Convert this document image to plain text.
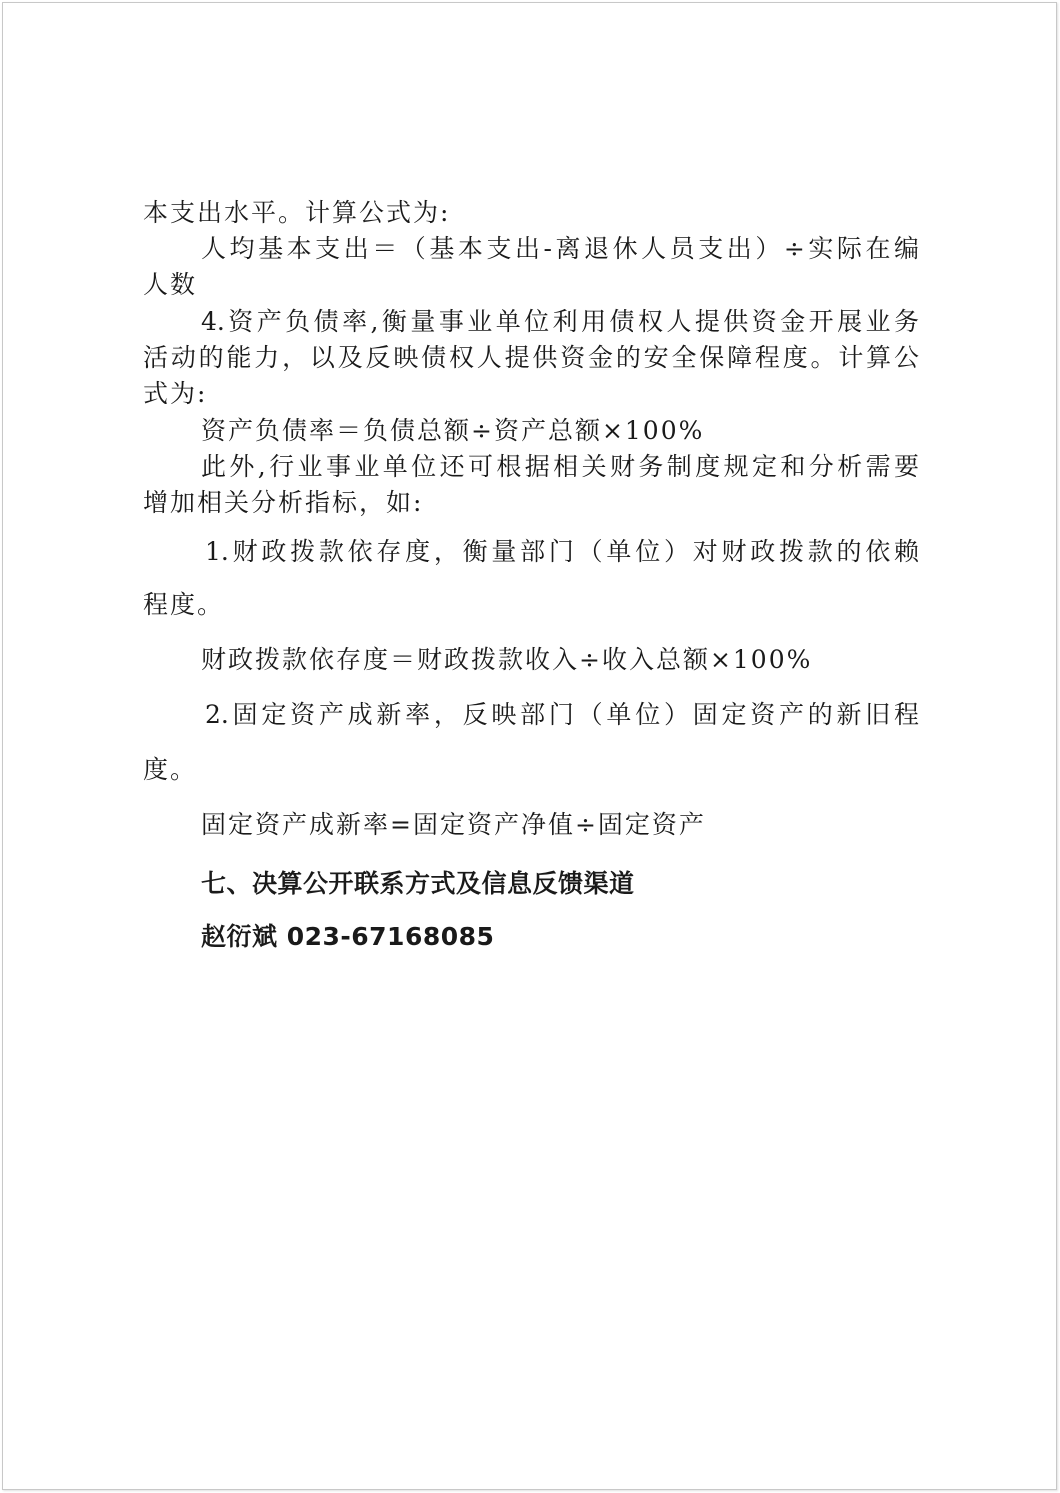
本支出水平。计算公式为:
人均基本支出＝（基本支出-离退休人员支出）÷实际在编
人数
4.资产负债率,衡量事业单位利用债权人提供资金开展业务
活动的能力，以及反映债权人提供资金的安全保障程度。计算公
式为:
资产负债率＝负债总额÷资产总额×100%
此外,行业事业单位还可根据相关财务制度规定和分析需要
增加相关分析指标，如:
1.财政拨款依存度，衡量部门（单位）对财政拨款的依赖
程度。
财政拨款依存度＝财政拨款收入÷收入总额×100%
2.固定资产成新率，反映部门（单位）固定资产的新旧程
度。
固定资产成新率=固定资产净值÷固定资产
七、决算公开联系方式及信息反馈渠道
赵衍斌 023-67168085
